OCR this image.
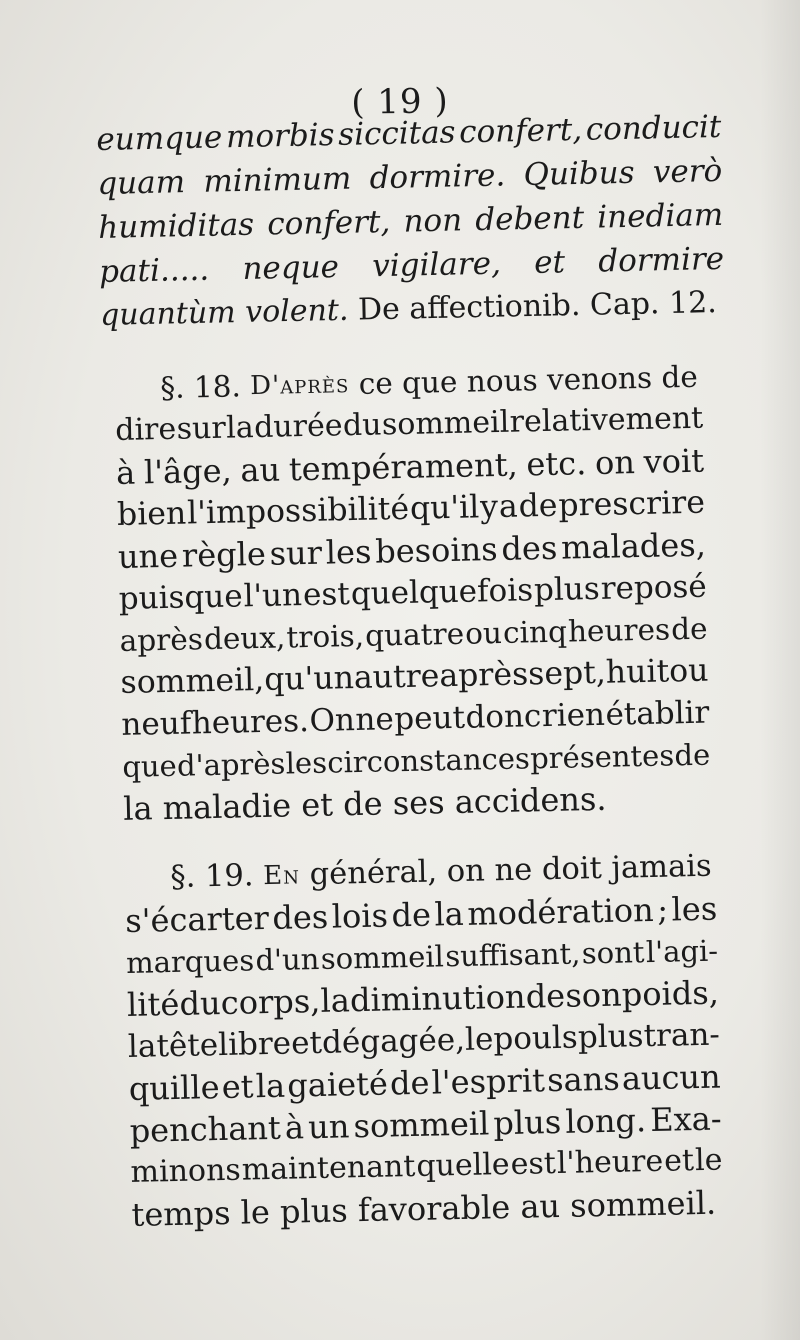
( 19 )
eumque morbis siccitas confert, conducit
quam minimum dormire. Quibus verò
humiditas confert, non debent inediam
pati..... neque vigilare, et dormire
quantùm volent.
De affectionib. Cap. 12.
§. 18.
D'après
ce que nous venons de
dire sur la durée du sommeil relativement
à l'âge, au tempérament, etc. on voit
bien l'impossibilité qu'il y a de prescrire
une règle sur les besoins des malades,
puisque l'un est quelquefois plus reposé
après deux, trois, quatre ou cinq heures de
sommeil, qu'un autre après sept, huit ou
neuf heures. On ne peut donc rien établir
que d'après les circonstances présentes de
la maladie et de ses accidens.
§. 19.
En
général, on ne doit jamais
s'écarter des lois de la modération ; les
marques d'un sommeil suffisant, sont l'agi-
lité du corps, la diminution de son poids,
la tête libre et dégagée, le pouls plus tran-
quille et la gaieté de l'esprit sans aucun
penchant à un sommeil plus long. Exa-
minons maintenant quelle est l'heure et le
temps le plus favorable au sommeil.
